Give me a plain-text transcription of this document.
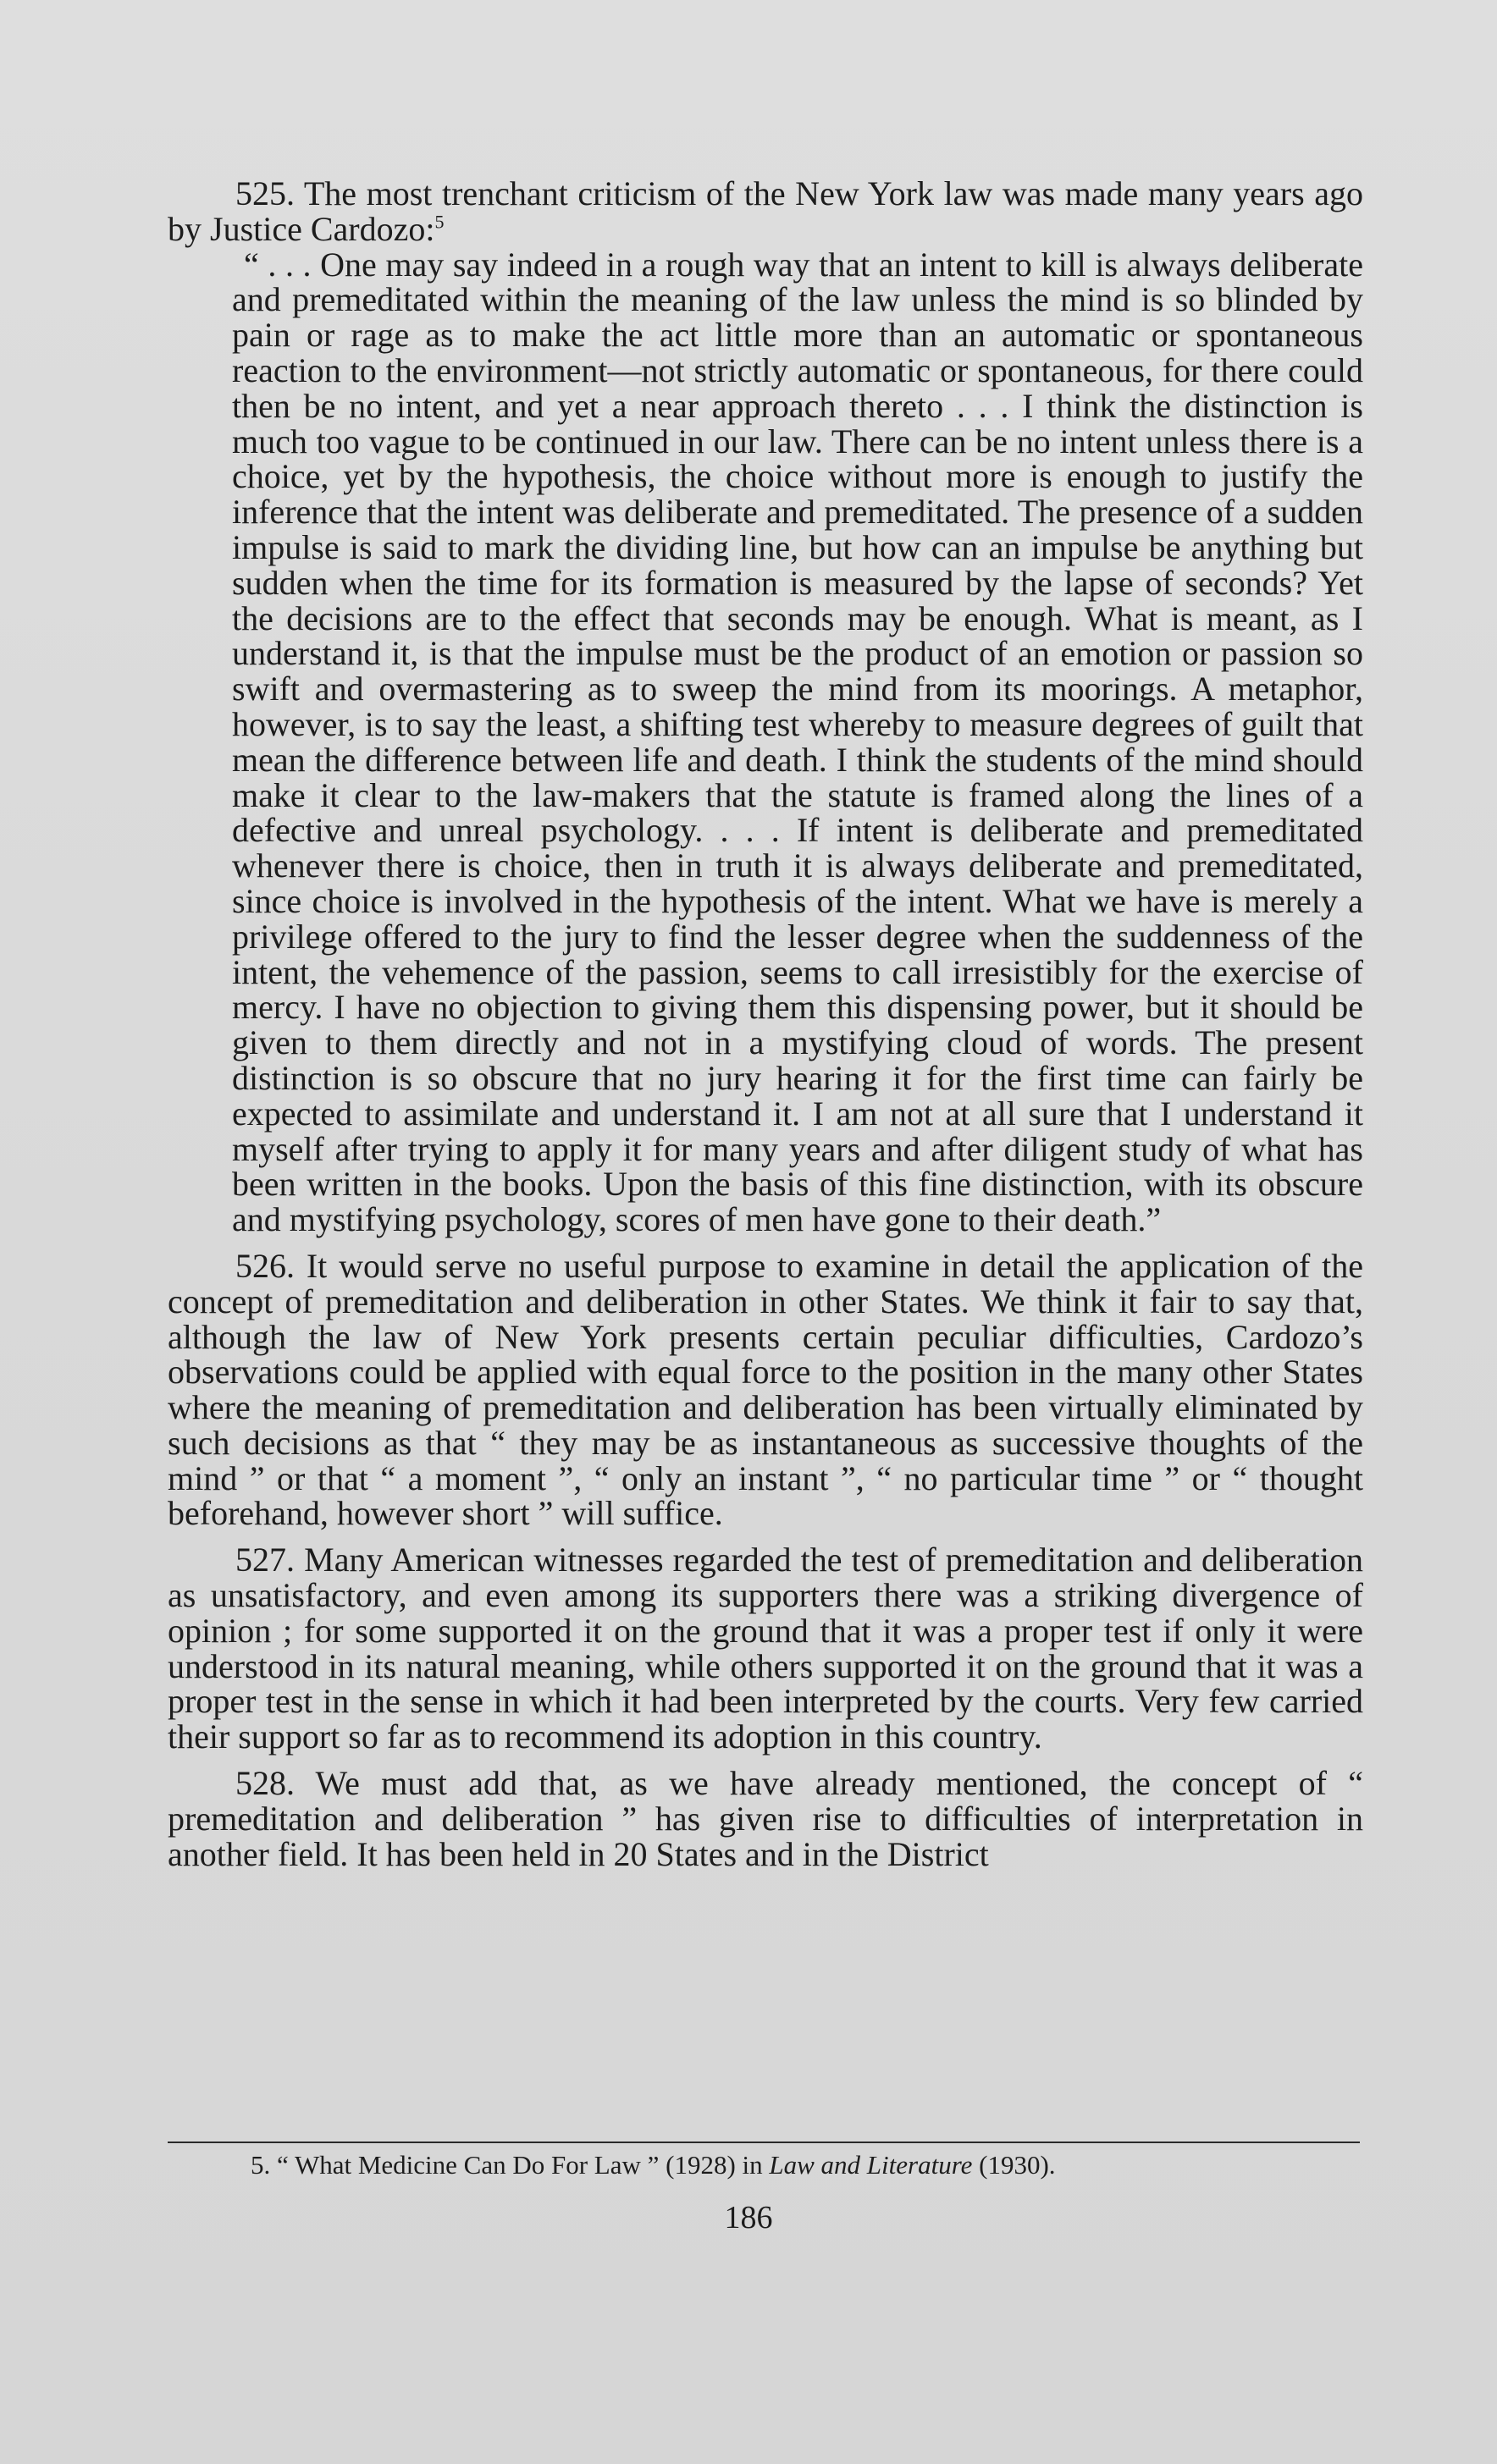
525. The most trenchant criticism of the New York law was made many years ago by Justice Cardozo:$^5$

“ . . . One may say indeed in a rough way that an intent to kill is always deliberate and premeditated within the meaning of the law unless the mind is so blinded by pain or rage as to make the act little more than an automatic or spontaneous reaction to the environment—not strictly automatic or spontaneous, for there could then be no intent, and yet a near approach thereto . . . I think the distinction is much too vague to be continued in our law. There can be no intent unless there is a choice, yet by the hypothesis, the choice without more is enough to justify the inference that the intent was deliberate and premeditated. The presence of a sudden impulse is said to mark the dividing line, but how can an impulse be anything but sudden when the time for its formation is measured by the lapse of seconds? Yet the decisions are to the effect that seconds may be enough. What is meant, as I understand it, is that the impulse must be the product of an emotion or passion so swift and overmastering as to sweep the mind from its moorings. A metaphor, however, is to say the least, a shifting test whereby to measure degrees of guilt that mean the difference between life and death. I think the students of the mind should make it clear to the law-makers that the statute is framed along the lines of a defective and unreal psychology. . . . If intent is deliberate and premeditated whenever there is choice, then in truth it is always deliberate and premeditated, since choice is involved in the hypothesis of the intent. What we have is merely a privilege offered to the jury to find the lesser degree when the suddenness of the intent, the vehemence of the passion, seems to call irresistibly for the exercise of mercy. I have no objection to giving them this dispensing power, but it should be given to them directly and not in a mystifying cloud of words. The present distinction is so obscure that no jury hearing it for the first time can fairly be expected to assimilate and understand it. I am not at all sure that I understand it myself after trying to apply it for many years and after diligent study of what has been written in the books. Upon the basis of this fine distinction, with its obscure and mystifying psychology, scores of men have gone to their death.”

526. It would serve no useful purpose to examine in detail the application of the concept of premeditation and deliberation in other States. We think it fair to say that, although the law of New York presents certain peculiar difficulties, Cardozo’s observations could be applied with equal force to the position in the many other States where the meaning of premeditation and deliberation has been virtually eliminated by such decisions as that “ they may be as instantaneous as successive thoughts of the mind ” or that “ a moment ”, “ only an instant ”, “ no particular time ” or “ thought beforehand, however short ” will suffice.

527. Many American witnesses regarded the test of premeditation and deliberation as unsatisfactory, and even among its supporters there was a striking divergence of opinion ; for some supported it on the ground that it was a proper test if only it were understood in its natural meaning, while others supported it on the ground that it was a proper test in the sense in which it had been interpreted by the courts. Very few carried their support so far as to recommend its adoption in this country.

528. We must add that, as we have already mentioned, the concept of “ premeditation and deliberation ” has given rise to difficulties of interpretation in another field. It has been held in 20 States and in the District

5. “ What Medicine Can Do For Law ” (1928) in Law and Literature (1930).

186
